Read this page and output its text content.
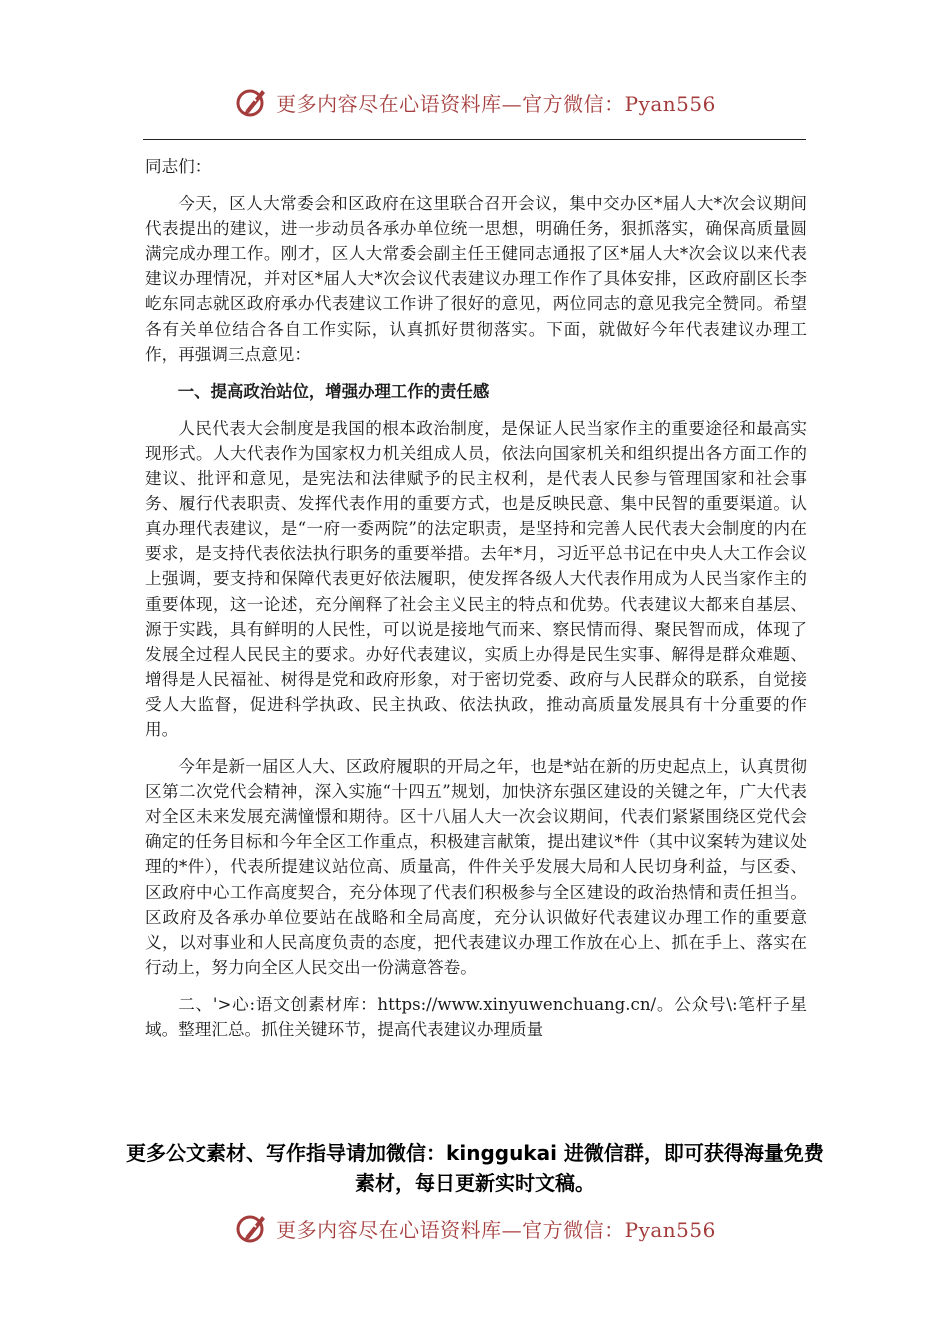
更多内容尽在心语资料库—官方微信：Pyan556

同志们：

今天，区人大常委会和区政府在这里联合召开会议，集中交办区*届人大*次会议期间代表提出的建议，进一步动员各承办单位统一思想，明确任务，狠抓落实，确保高质量圆满完成办理工作。刚才，区人大常委会副主任王健同志通报了区*届人大*次会议以来代表建议办理情况，并对区*届人大*次会议代表建议办理工作作了具体安排，区政府副区长李屹东同志就区政府承办代表建议工作讲了很好的意见，两位同志的意见我完全赞同。希望各有关单位结合各自工作实际，认真抓好贯彻落实。下面，就做好今年代表建议办理工作，再强调三点意见：

一、提高政治站位，增强办理工作的责任感

人民代表大会制度是我国的根本政治制度，是保证人民当家作主的重要途径和最高实现形式。人大代表作为国家权力机关组成人员，依法向国家机关和组织提出各方面工作的建议、批评和意见，是宪法和法律赋予的民主权利，是代表人民参与管理国家和社会事务、履行代表职责、发挥代表作用的重要方式，也是反映民意、集中民智的重要渠道。认真办理代表建议，是“一府一委两院”的法定职责，是坚持和完善人民代表大会制度的内在要求，是支持代表依法执行职务的重要举措。去年*月，习近平总书记在中央人大工作会议上强调，要支持和保障代表更好依法履职，使发挥各级人大代表作用成为人民当家作主的重要体现，这一论述，充分阐释了社会主义民主的特点和优势。代表建议大都来自基层、源于实践，具有鲜明的人民性，可以说是接地气而来、察民情而得、聚民智而成，体现了发展全过程人民民主的要求。办好代表建议，实质上办得是民生实事、解得是群众难题、增得是人民福祉、树得是党和政府形象，对于密切党委、政府与人民群众的联系，自觉接受人大监督，促进科学执政、民主执政、依法执政，推动高质量发展具有十分重要的作用。

今年是新一届区人大、区政府履职的开局之年，也是*站在新的历史起点上，认真贯彻区第二次党代会精神，深入实施“十四五”规划，加快济东强区建设的关键之年，广大代表对全区未来发展充满憧憬和期待。区十八届人大一次会议期间，代表们紧紧围绕区党代会确定的任务目标和今年全区工作重点，积极建言献策，提出建议*件（其中议案转为建议处理的*件），代表所提建议站位高、质量高，件件关乎发展大局和人民切身利益，与区委、区政府中心工作高度契合，充分体现了代表们积极参与全区建设的政治热情和责任担当。区政府及各承办单位要站在战略和全局高度，充分认识做好代表建议办理工作的重要意义，以对事业和人民高度负责的态度，把代表建议办理工作放在心上、抓在手上、落实在行动上，努力向全区人民交出一份满意答卷。

二、'>心:语文创素材库：https://www.xinyuwenchuang.cn/。公众号\:笔杆子星域。整理汇总。抓住关键环节，提高代表建议办理质量

更多公文素材、写作指导请加微信：kinggukai 进微信群，即可获得海量免费素材，每日更新实时文稿。
更多内容尽在心语资料库—官方微信：Pyan556
